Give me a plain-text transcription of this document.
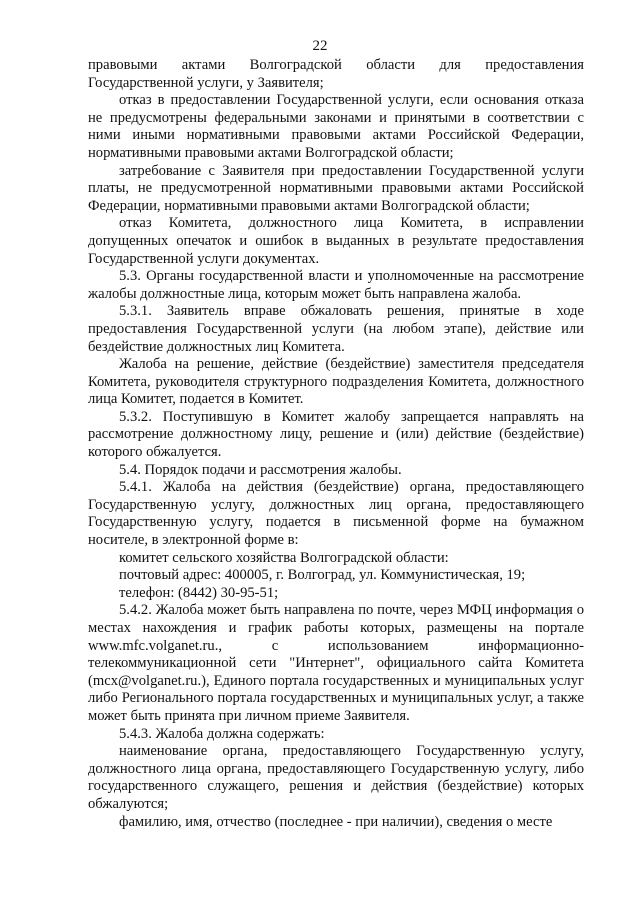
22

правовыми актами Волгоградской области для предоставления Государственной услуги, у Заявителя;

отказ в предоставлении Государственной услуги, если основания отказа не предусмотрены федеральными законами и принятыми в соответствии с ними иными нормативными правовыми актами Российской Федерации, нормативными правовыми актами Волгоградской области;

затребование с Заявителя при предоставлении Государственной услуги платы, не предусмотренной нормативными правовыми актами Российской Федерации, нормативными правовыми актами Волгоградской области;

отказ Комитета, должностного лица Комитета, в исправлении допущенных опечаток и ошибок в выданных в результате предоставления Государственной услуги документах.

5.3. Органы государственной власти и уполномоченные на рассмотрение жалобы должностные лица, которым может быть направлена жалоба.

5.3.1. Заявитель вправе обжаловать решения, принятые в ходе предоставления Государственной услуги (на любом этапе), действие или бездействие должностных лиц Комитета.

Жалоба на решение, действие (бездействие) заместителя председателя Комитета, руководителя структурного подразделения Комитета, должностного лица Комитет, подается в Комитет.

5.3.2. Поступившую в Комитет жалобу запрещается направлять на рассмотрение должностному лицу, решение и (или) действие (бездействие) которого обжалуется.

5.4. Порядок подачи и рассмотрения жалобы.

5.4.1. Жалоба на действия (бездействие) органа, предоставляющего Государственную услугу, должностных лиц органа, предоставляющего Государственную услугу, подается в письменной форме на бумажном носителе, в электронной форме в:

комитет сельского хозяйства Волгоградской области:

почтовый адрес: 400005, г. Волгоград, ул. Коммунистическая, 19;

телефон: (8442) 30-95-51;

5.4.2. Жалоба может быть направлена по почте, через МФЦ информация о местах нахождения и график работы которых, размещены на портале www.mfc.volganet.ru., с использованием информационно-телекоммуникационной сети "Интернет", официального сайта Комитета (mcx@volganet.ru.), Единого портала государственных и муниципальных услуг либо Регионального портала государственных и муниципальных услуг, а также может быть принята при личном приеме Заявителя.

5.4.3. Жалоба должна содержать:

наименование органа, предоставляющего Государственную услугу, должностного лица органа, предоставляющего Государственную услугу, либо государственного служащего, решения и действия (бездействие) которых обжалуются;

фамилию, имя, отчество (последнее - при наличии), сведения о месте
